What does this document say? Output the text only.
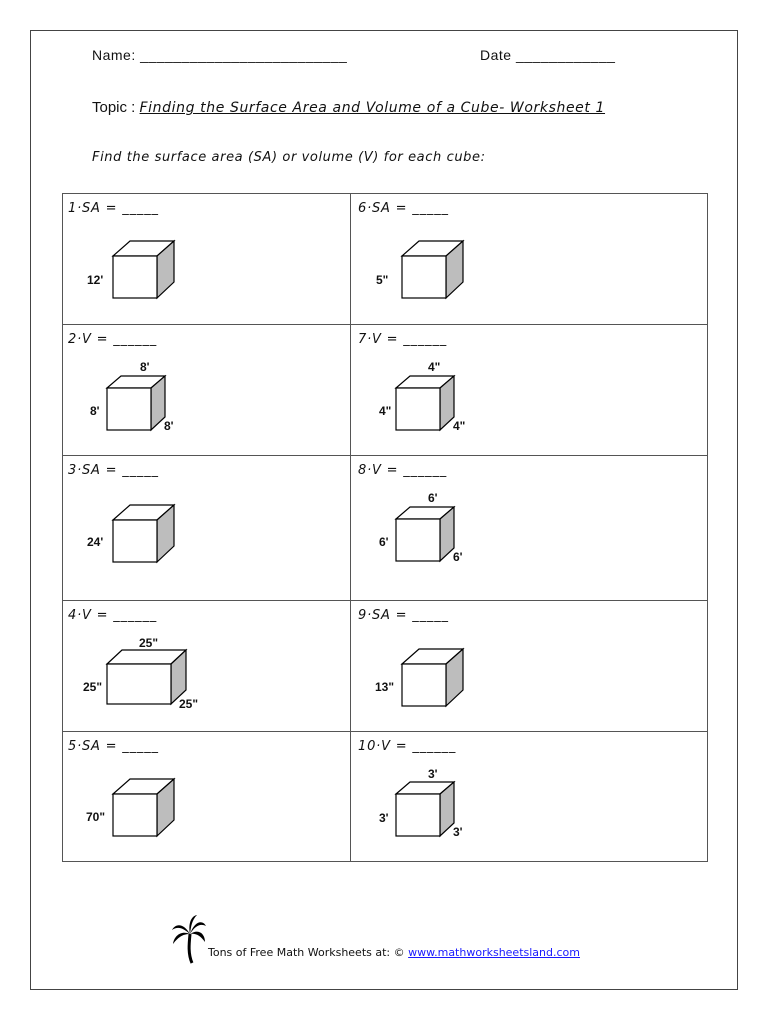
Name: _________________________	Date ____________
Topic : Finding the Surface Area and Volume of a Cube- Worksheet 1
Find the surface area (SA) or volume (V) for each cube:
1·SA = _____
12'
2·V = ______
8'
8'
8'
3·SA = _____
24'
4·V = ______
25"
25"
25"
5·SA = _____
70"
6·SA = _____
5"
7·V = ______
4"
4"
4"
8·V = ______
6'
6'
6'
9·SA = _____
13"
10·V = ______
3'
3'
3'
Tons of Free Math Worksheets at: © www.mathworksheetsland.com
